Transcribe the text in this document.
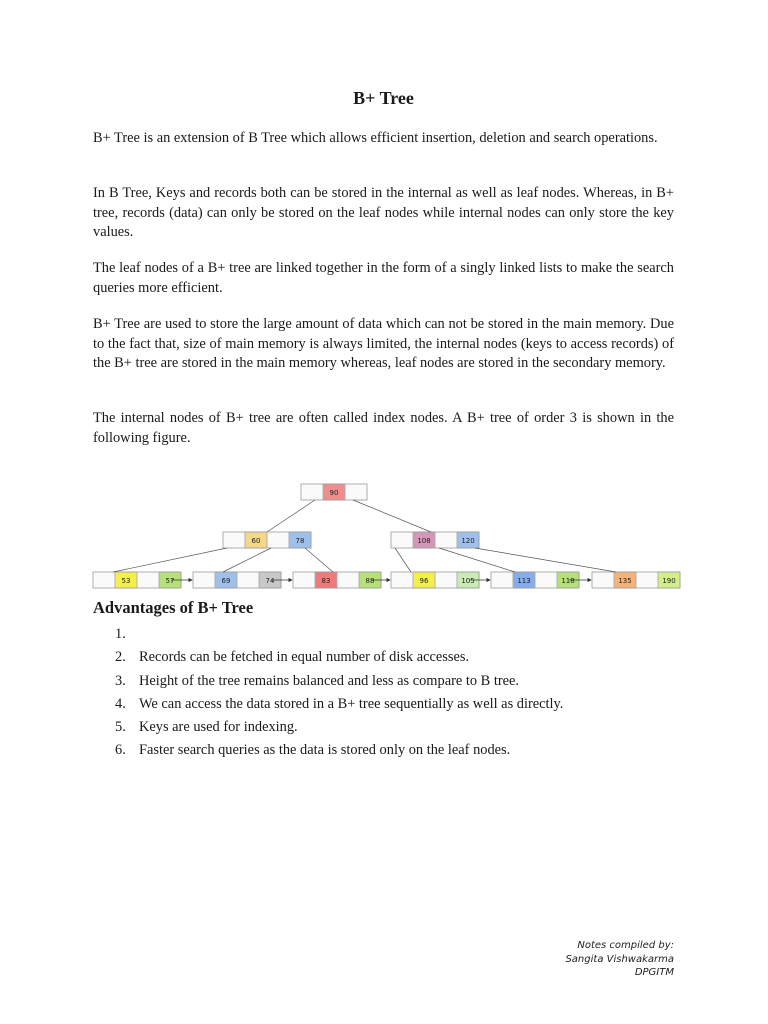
B+ Tree

B+ Tree is an extension of B Tree which allows efficient insertion, deletion and search operations.

In B Tree, Keys and records both can be stored in the internal as well as leaf nodes. Whereas, in B+ tree, records (data) can only be stored on the leaf nodes while internal nodes can only store the key values.

The leaf nodes of a B+ tree are linked together in the form of a singly linked lists to make the search queries more efficient.

B+ Tree are used to store the large amount of data which can not be stored in the main memory. Due to the fact that, size of main memory is always limited, the internal nodes (keys to access records) of the B+ tree are stored in the main memory whereas, leaf nodes are stored in the secondary memory.

The internal nodes of B+ tree are often called index nodes. A B+ tree of order 3 is shown in the following figure.

90
60	78	108	120
53	57	69	74	83	88	96	105	113	118	135	190
Advantages of B+ Tree
1.
2. Records can be fetched in equal number of disk accesses.
3. Height of the tree remains balanced and less as compare to B tree.
4. We can access the data stored in a B+ tree sequentially as well as directly.
5. Keys are used for indexing.
6. Faster search queries as the data is stored only on the leaf nodes.
Notes compiled by:
Sangita Vishwakarma
DPGITM
